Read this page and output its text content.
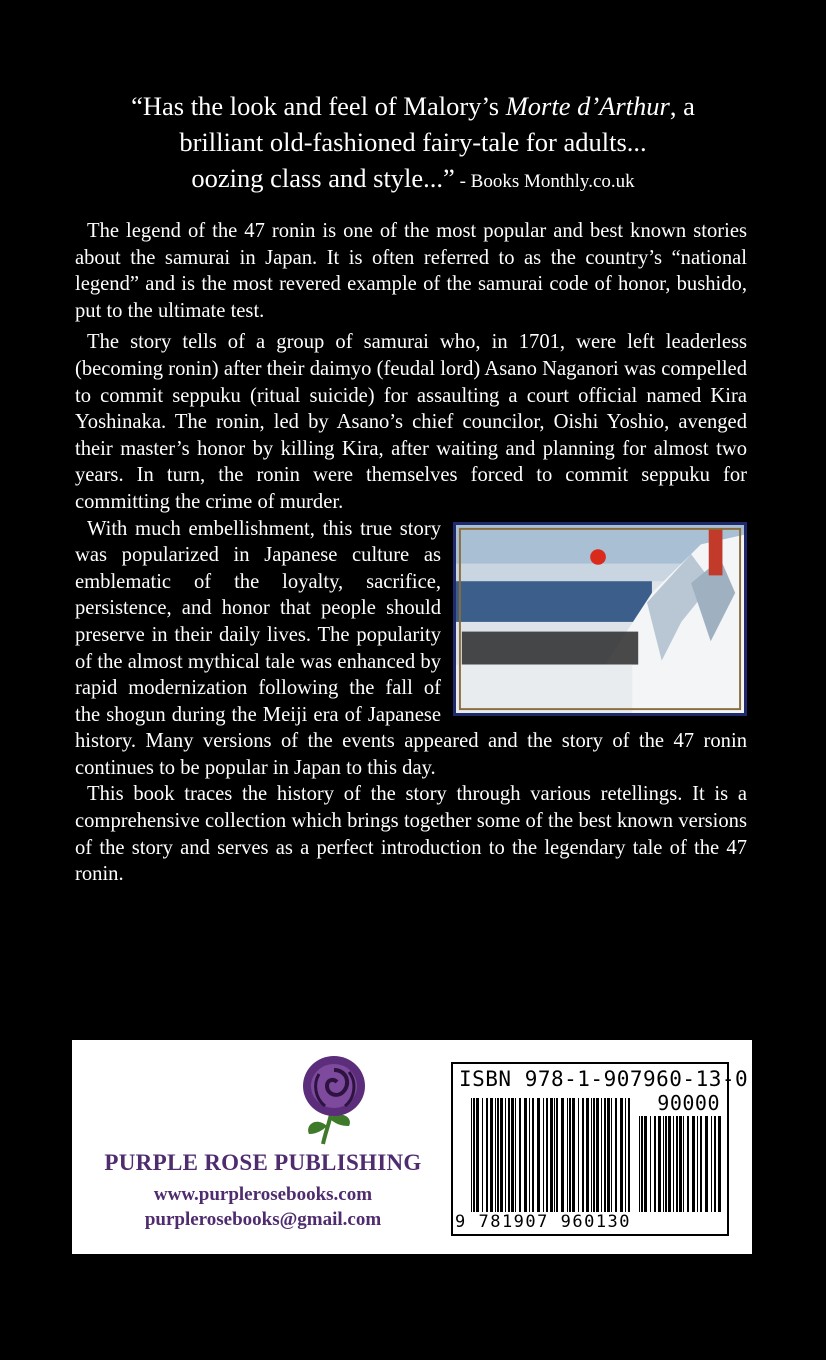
“Has the look and feel of Malory’s Morte d’Arthur, a
brilliant old-fashioned fairy-tale for adults...
oozing class and style...” - Books Monthly.co.uk

The legend of the 47 ronin is one of the most popular and best known stories about the samurai in Japan. It is often referred to as the country’s “national legend” and is the most revered example of the samurai code of honor, bushido, put to the ultimate test.

The story tells of a group of samurai who, in 1701, were left leaderless (becoming ronin) after their daimyo (feudal lord) Asano Naganori was compelled to commit seppuku (ritual suicide) for assaulting a court official named Kira Yoshinaka. The ronin, led by Asano’s chief councilor, Oishi Yoshio, avenged their master’s honor by killing Kira, after waiting and planning for almost two years. In turn, the ronin were themselves forced to commit seppuku for committing the crime of murder.

With much embellishment, this true story was popularized in Japanese culture as emblematic of the loyalty, sacrifice, persistence, and honor that people should preserve in their daily lives. The popularity of the almost mythical tale was enhanced by rapid modernization following the fall of the shogun during the Meiji era of Japanese history. Many versions of the events appeared and the story of the 47 ronin continues to be popular in Japan to this day.

This book traces the history of the story through various retellings. It is a comprehensive collection which brings together some of the best known versions of the story and serves as a perfect introduction to the legendary tale of the 47 ronin.

PURPLE ROSE PUBLISHING
www.purplerosebooks.com
purplerosebooks@gmail.com
ISBN 978-1-907960-13-0
90000
9 781907 960130
